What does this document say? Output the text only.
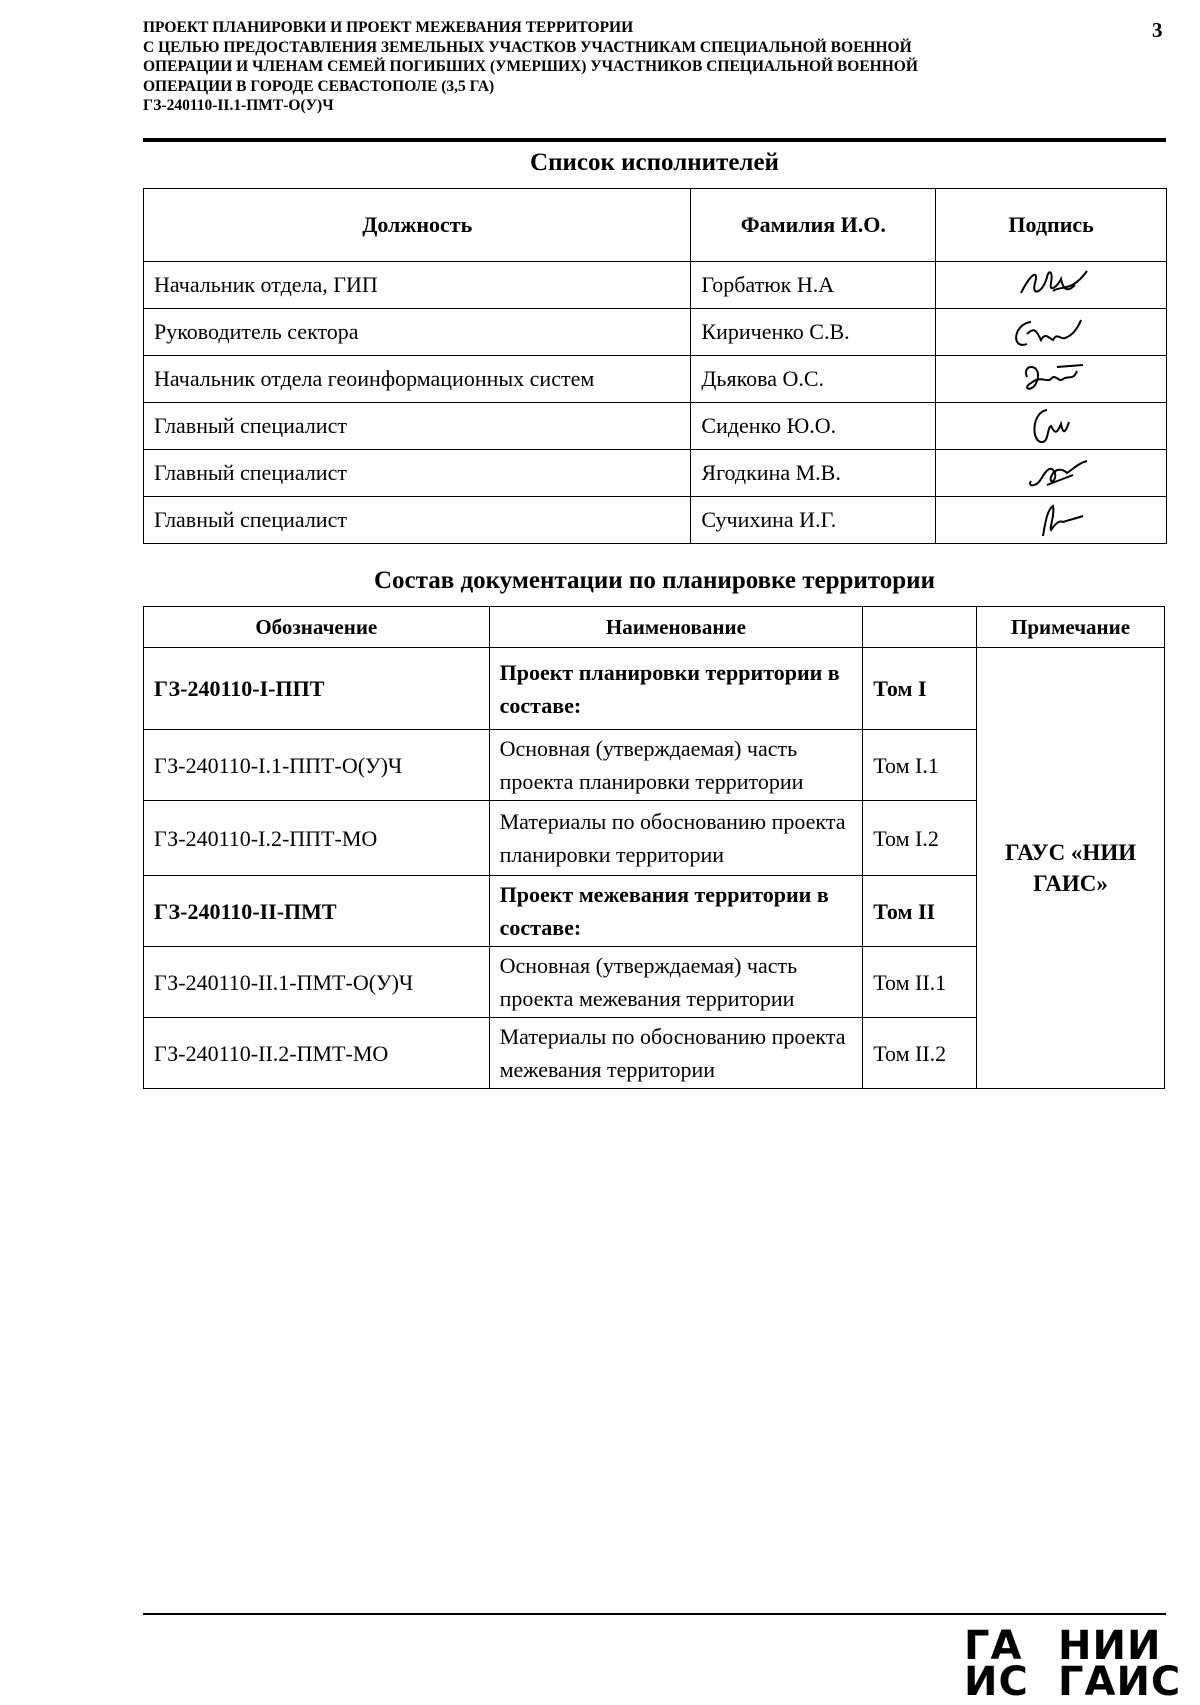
ПРОЕКТ ПЛАНИРОВКИ И ПРОЕКТ МЕЖЕВАНИЯ ТЕРРИТОРИИ
С ЦЕЛЬЮ ПРЕДОСТАВЛЕНИЯ ЗЕМЕЛЬНЫХ УЧАСТКОВ УЧАСТНИКАМ СПЕЦИАЛЬНОЙ ВОЕННОЙ
ОПЕРАЦИИ И ЧЛЕНАМ СЕМЕЙ ПОГИБШИХ (УМЕРШИХ) УЧАСТНИКОВ СПЕЦИАЛЬНОЙ ВОЕННОЙ
ОПЕРАЦИИ В ГОРОДЕ СЕВАСТОПОЛЕ (3,5 ГА)
ГЗ-240110-II.1-ПМТ-О(У)Ч
3
Список исполнителей
Должность	Фамилия И.О.	Подпись
Начальник отдела, ГИП	Горбатюк Н.А	

Руководитель сектора	Кириченко С.В.	

Начальник отдела геоинформационных систем	Дьякова О.С.	

Главный специалист	Сиденко Ю.О.	

Главный специалист	Ягодкина М.В.	

Главный специалист	Сучихина И.Г.	
Состав документации по планировке территории
Обозначение	Наименование		Примечание
ГЗ-240110-I-ППТ	Проект планировки территории в составе:	Том I	ГАУС «НИИ ГАИС»
ГЗ-240110-I.1-ППТ-О(У)Ч	Основная (утверждаемая) часть проекта планировки территории	Том I.1	
ГЗ-240110-I.2-ППТ-МО	Материалы по обоснованию проекта планировки территории	Том I.2	
ГЗ-240110-II-ПМТ	Проект межевания территории в составе:	Том II	
ГЗ-240110-II.1-ПМТ-О(У)Ч	Основная (утверждаемая) часть проекта межевания территории	Том II.1	
ГЗ-240110-II.2-ПМТ-МО	Материалы по обоснованию проекта межевания территории	Том II.2	
ГА НИИ
ИС ГАИС
